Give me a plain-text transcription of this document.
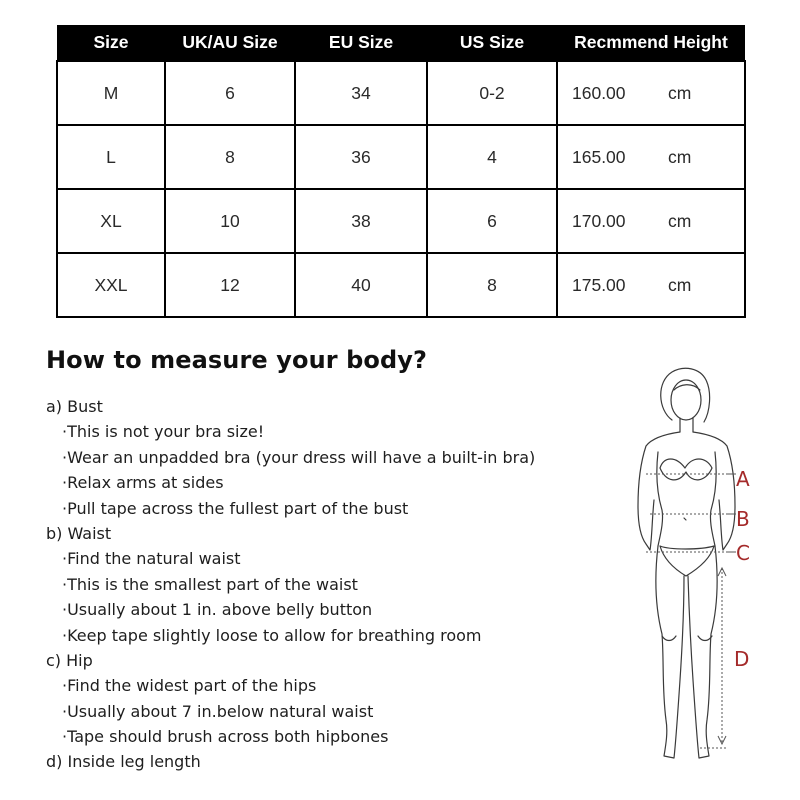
Size	UK/AU Size	EU Size	US Size	Recmmend Height
M	6	34	0-2	160.00 cm
L	8	36	4	165.00 cm
XL	10	38	6	170.00 cm
XXL	12	40	8	175.00 cm
How to measure your body?
a) Bust
·This is not your bra size!
·Wear an unpadded bra (your dress will have a built-in bra)
·Relax arms at sides
·Pull tape across the fullest part of the bust
b) Waist
·Find the natural waist
·This is the smallest part of the waist
·Usually about 1 in. above belly button
·Keep tape slightly loose to allow for breathing room
c) Hip
·Find the widest part of the hips
·Usually about 7 in.below natural waist
·Tape should brush across both hipbones
d) Inside leg length
A
B
C
D
